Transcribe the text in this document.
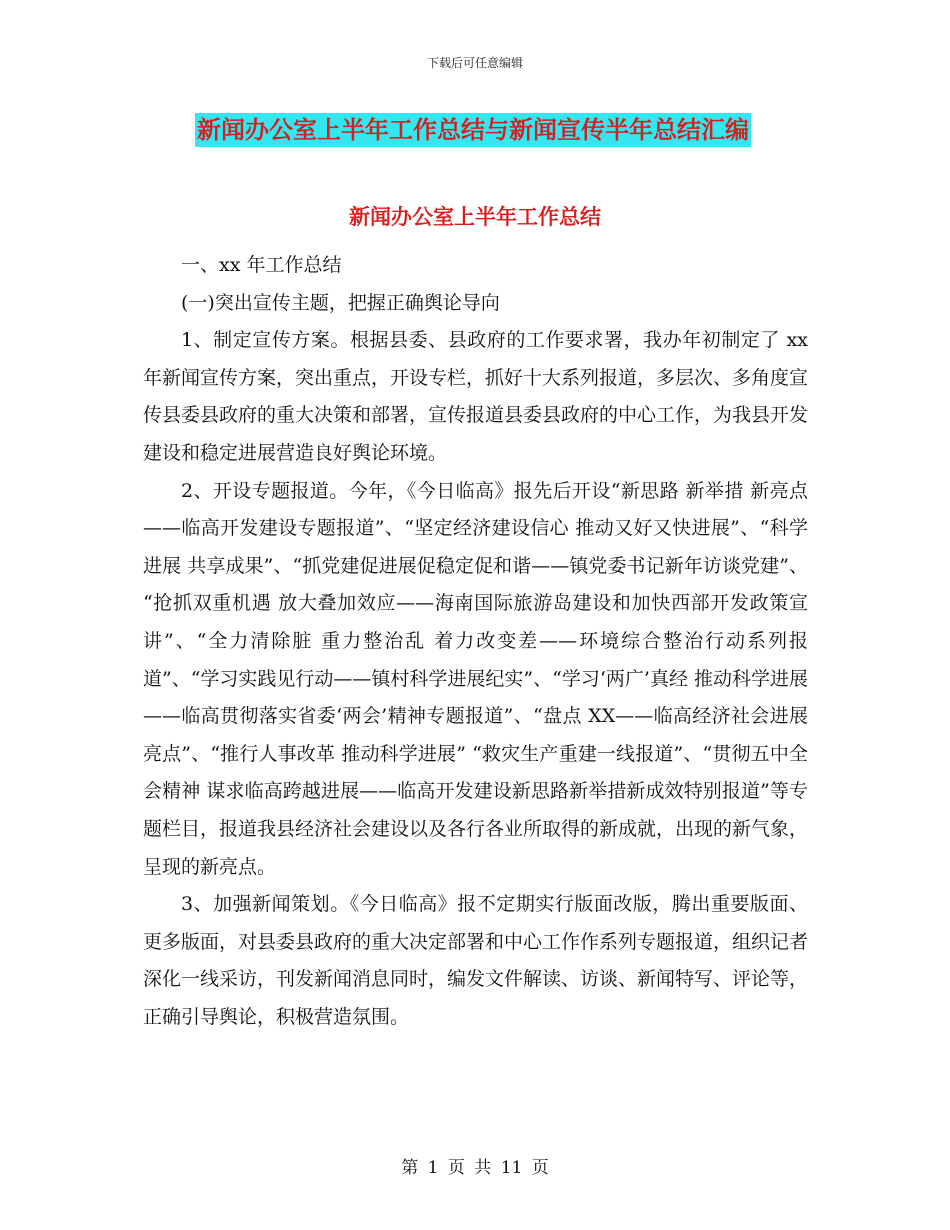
下载后可任意编辑
新闻办公室上半年工作总结与新闻宣传半年总结汇编
新闻办公室上半年工作总结

一、xx 年工作总结

(一)突出宣传主题，把握正确舆论导向

1、制定宣传方案。根据县委、县政府的工作要求署，我办年初制定了 xx 年新闻宣传方案，突出重点，开设专栏，抓好十大系列报道，多层次、多角度宣传县委县政府的重大决策和部署，宣传报道县委县政府的中心工作，为我县开发建设和稳定进展营造良好舆论环境。

2、开设专题报道。今年，《今日临高》报先后开设“新思路 新举措 新亮点——临高开发建设专题报道”、“坚定经济建设信心 推动又好又快进展”、“科学进展 共享成果”、“抓党建促进展促稳定促和谐——镇党委书记新年访谈党建”、 “抢抓双重机遇 放大叠加效应——海南国际旅游岛建设和加快西部开发政策宣讲”、“全力清除脏 重力整治乱 着力改变差——环境综合整治行动系列报道”、“学习实践见行动——镇村科学进展纪实”、“学习‘两广’真经 推动科学进展——临高贯彻落实省委‘两会’精神专题报道”、“盘点 XX——临高经济社会进展亮点”、“推行人事改革 推动科学进展” “救灾生产重建一线报道”、“贯彻五中全会精神 谋求临高跨越进展——临高开发建设新思路新举措新成效特别报道”等专题栏目，报道我县经济社会建设以及各行各业所取得的新成就，出现的新气象，呈现的新亮点。

3、加强新闻策划。《今日临高》报不定期实行版面改版，腾出重要版面、更多版面，对县委县政府的重大决定部署和中心工作作系列专题报道，组织记者深化一线采访，刊发新闻消息同时，编发文件解读、访谈、新闻特写、评论等，正确引导舆论，积极营造氛围。

第 1 页 共 11 页
